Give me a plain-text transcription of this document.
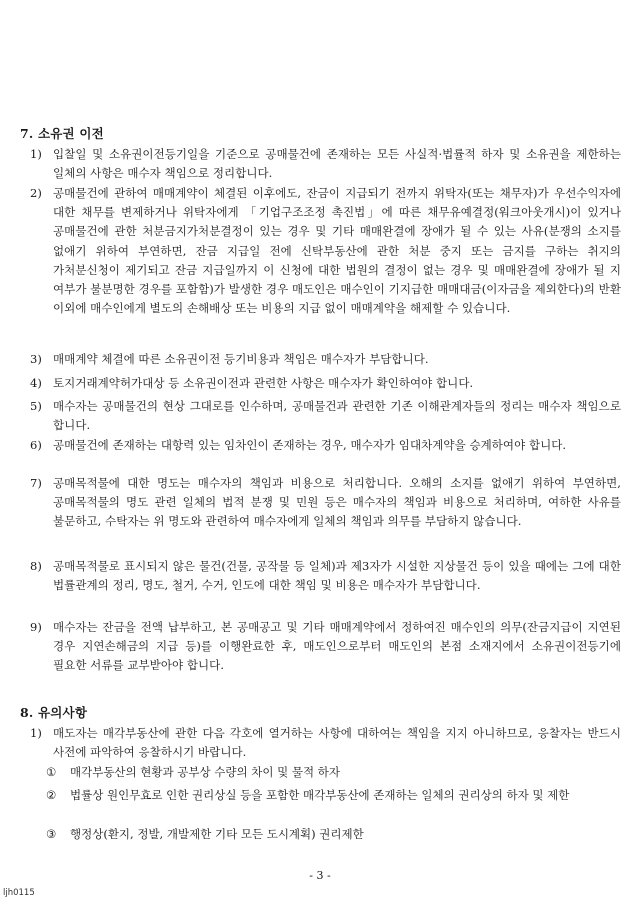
7. 소유권 이전
1) 입찰일 및 소유권이전등기일을 기준으로 공매물건에 존재하는 모든 사실적·법률적 하자 및 소유권을 제한하는 일체의 사항은 매수자 책임으로 정리합니다.
2) 공매물건에 관하여 매매계약이 체결된 이후에도, 잔금이 지급되기 전까지 위탁자(또는 채무자)가 우선수익자에 대한 채무를 변제하거나 위탁자에게 「기업구조조정 촉진법」에 따른 채무유예결정(워크아웃개시)이 있거나 공매물건에 관한 처분금지가처분결정이 있는 경우 및 기타 매매완결에 장애가 될 수 있는 사유(분쟁의 소지를 없애기 위하여 부연하면, 잔금 지급일 전에 신탁부동산에 관한 처분 중지 또는 금지를 구하는 취지의 가처분신청이 제기되고 잔금 지급일까지 이 신청에 대한 법원의 결정이 없는 경우 및 매매완결에 장애가 될 지 여부가 불분명한 경우를 포함함)가 발생한 경우 매도인은 매수인이 기지급한 매매대금(이자금을 제외한다)의 반환 이외에 매수인에게 별도의 손해배상 또는 비용의 지급 없이 매매계약을 해제할 수 있습니다.
3) 매매계약 체결에 따른 소유권이전 등기비용과 책임은 매수자가 부담합니다.
4) 토지거래계약허가대상 등 소유권이전과 관련한 사항은 매수자가 확인하여야 합니다.
5) 매수자는 공매물건의 현상 그대로를 인수하며, 공매물건과 관련한 기존 이해관계자들의 정리는 매수자 책임으로 합니다.
6) 공매물건에 존재하는 대항력 있는 임차인이 존재하는 경우, 매수자가 임대차계약을 승계하여야 합니다.
7) 공매목적물에 대한 명도는 매수자의 책임과 비용으로 처리합니다. 오해의 소지를 없애기 위하여 부연하면, 공매목적물의 명도 관련 일체의 법적 분쟁 및 민원 등은 매수자의 책임과 비용으로 처리하며, 여하한 사유를 불문하고, 수탁자는 위 명도와 관련하여 매수자에게 일체의 책임과 의무를 부담하지 않습니다.
8) 공매목적물로 표시되지 않은 물건(건물, 공작물 등 일체)과 제3자가 시설한 지상물건 등이 있을 때에는 그에 대한 법률관계의 정리, 명도, 철거, 수거, 인도에 대한 책임 및 비용은 매수자가 부담합니다.
9) 매수자는 잔금을 전액 납부하고, 본 공매공고 및 기타 매매계약에서 정하여진 매수인의 의무(잔금지급이 지연된 경우 지연손해금의 지급 등)를 이행완료한 후, 매도인으로부터 매도인의 본점 소재지에서 소유권이전등기에 필요한 서류를 교부받아야 합니다.
8. 유의사항
1) 매도자는 매각부동산에 관한 다음 각호에 열거하는 사항에 대하여는 책임을 지지 아니하므로, 응찰자는 반드시 사전에 파악하여 응찰하시기 바랍니다.
①	매각부동산의 현황과 공부상 수량의 차이 및 물적 하자
②	법률상 원인무효로 인한 권리상실 등을 포함한 매각부동산에 존재하는 일체의 권리상의 하자 및 제한
③	행정상(환지, 정발, 개발제한 기타 모든 도시계획) 권리제한
- 3 -
ljh0115
